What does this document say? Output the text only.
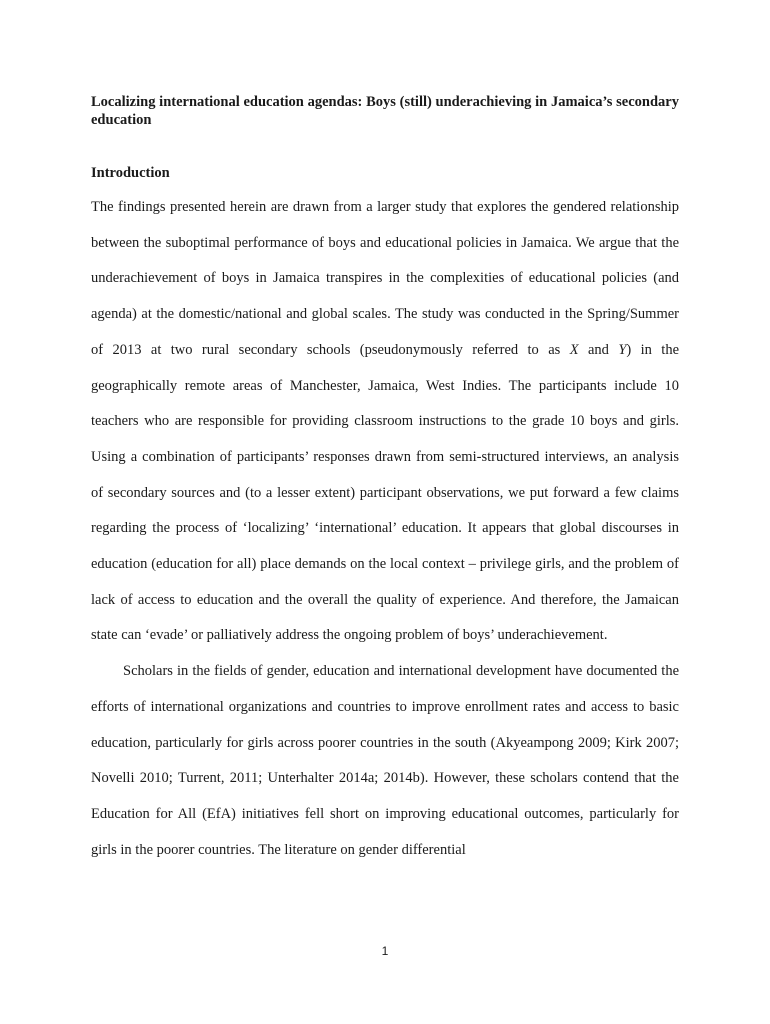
Localizing international education agendas: Boys (still) underachieving in Jamaica’s secondary education

Introduction

The findings presented herein are drawn from a larger study that explores the gendered relationship between the suboptimal performance of boys and educational policies in Jamaica. We argue that the underachievement of boys in Jamaica transpires in the complexities of educational policies (and agenda) at the domestic/national and global scales. The study was conducted in the Spring/Summer of 2013 at two rural secondary schools (pseudonymously referred to as X and Y) in the geographically remote areas of Manchester, Jamaica, West Indies. The participants include 10 teachers who are responsible for providing classroom instructions to the grade 10 boys and girls. Using a combination of participants’ responses drawn from semi-structured interviews, an analysis of secondary sources and (to a lesser extent) participant observations, we put forward a few claims regarding the process of ‘localizing’ ‘international’ education. It appears that global discourses in education (education for all) place demands on the local context – privilege girls, and the problem of lack of access to education and the overall the quality of experience. And therefore, the Jamaican state can ‘evade’ or palliatively address the ongoing problem of boys’ underachievement.

Scholars in the fields of gender, education and international development have documented the efforts of international organizations and countries to improve enrollment rates and access to basic education, particularly for girls across poorer countries in the south (Akyeampong 2009; Kirk 2007; Novelli 2010; Turrent, 2011; Unterhalter 2014a; 2014b). However, these scholars contend that the Education for All (EfA) initiatives fell short on improving educational outcomes, particularly for girls in the poorer countries. The literature on gender differential

1
